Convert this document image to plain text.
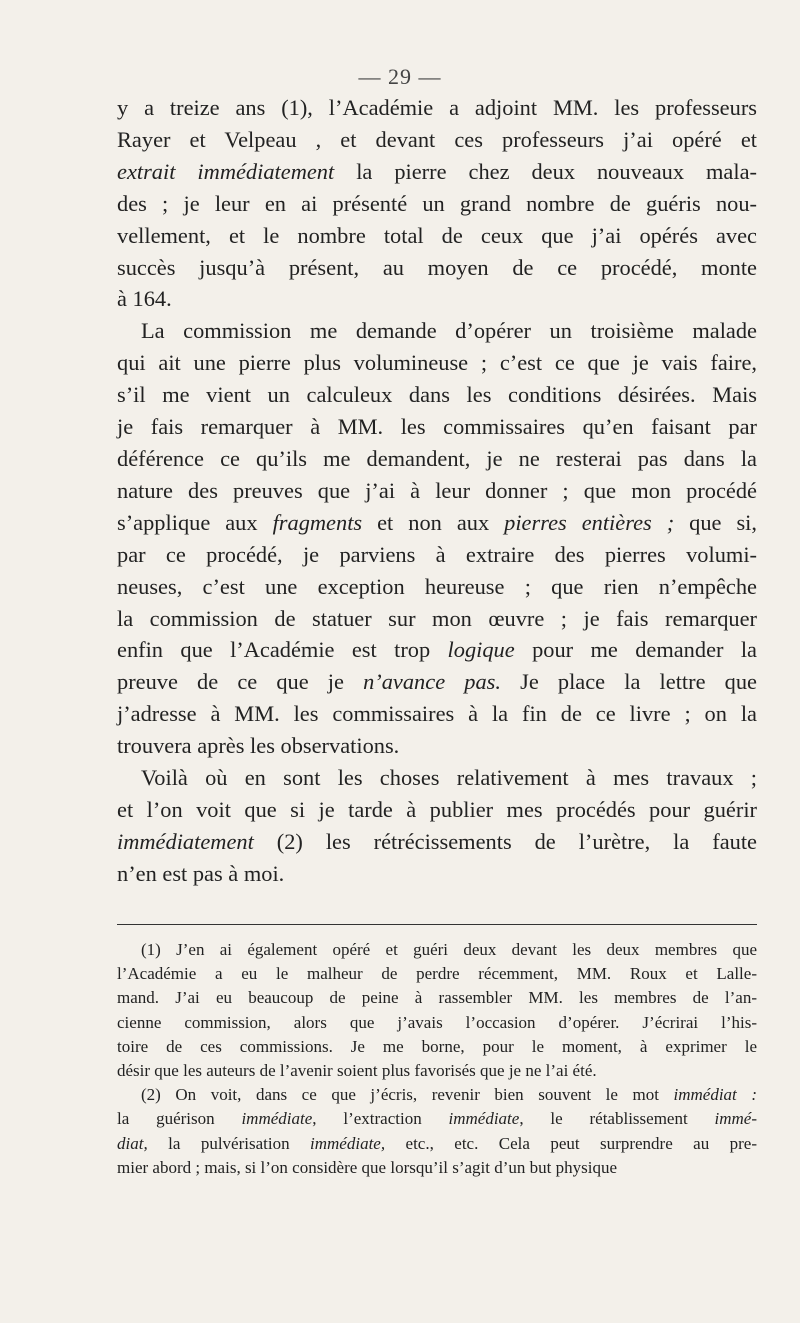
— 29 —

y a treize ans (1), l’Académie a adjoint MM. les professeurs
Rayer et Velpeau , et devant ces professeurs j’ai opéré et
extrait immédiatement la pierre chez deux nouveaux mala-
des ; je leur en ai présenté un grand nombre de guéris nou-
vellement, et le nombre total de ceux que j’ai opérés avec
succès jusqu’à présent, au moyen de ce procédé, monte
à 164.

La commission me demande d’opérer un troisième malade
qui ait une pierre plus volumineuse ; c’est ce que je vais faire,
s’il me vient un calculeux dans les conditions désirées. Mais
je fais remarquer à MM. les commissaires qu’en faisant par
déférence ce qu’ils me demandent, je ne resterai pas dans la
nature des preuves que j’ai à leur donner ; que mon procédé
s’applique aux fragments et non aux pierres entières ; que si,
par ce procédé, je parviens à extraire des pierres volumi-
neuses, c’est une exception heureuse ; que rien n’empêche
la commission de statuer sur mon œuvre ; je fais remarquer
enfin que l’Académie est trop logique pour me demander la
preuve de ce que je n’avance pas. Je place la lettre que
j’adresse à MM. les commissaires à la fin de ce livre ; on la
trouvera après les observations.

Voilà où en sont les choses relativement à mes travaux ;
et l’on voit que si je tarde à publier mes procédés pour guérir
immédiatement (2) les rétrécissements de l’urètre, la faute
n’en est pas à moi.

(1) J’en ai également opéré et guéri deux devant les deux membres que
l’Académie a eu le malheur de perdre récemment, MM. Roux et Lalle-
mand. J’ai eu beaucoup de peine à rassembler MM. les membres de l’an-
cienne commission, alors que j’avais l’occasion d’opérer. J’écrirai l’his-
toire de ces commissions. Je me borne, pour le moment, à exprimer le
désir que les auteurs de l’avenir soient plus favorisés que je ne l’ai été.

(2) On voit, dans ce que j’écris, revenir bien souvent le mot immédiat :
la guérison immédiate, l’extraction immédiate, le rétablissement immé-
diat, la pulvérisation immédiate, etc., etc. Cela peut surprendre au pre-
mier abord ; mais, si l’on considère que lorsqu’il s’agit d’un but physique
